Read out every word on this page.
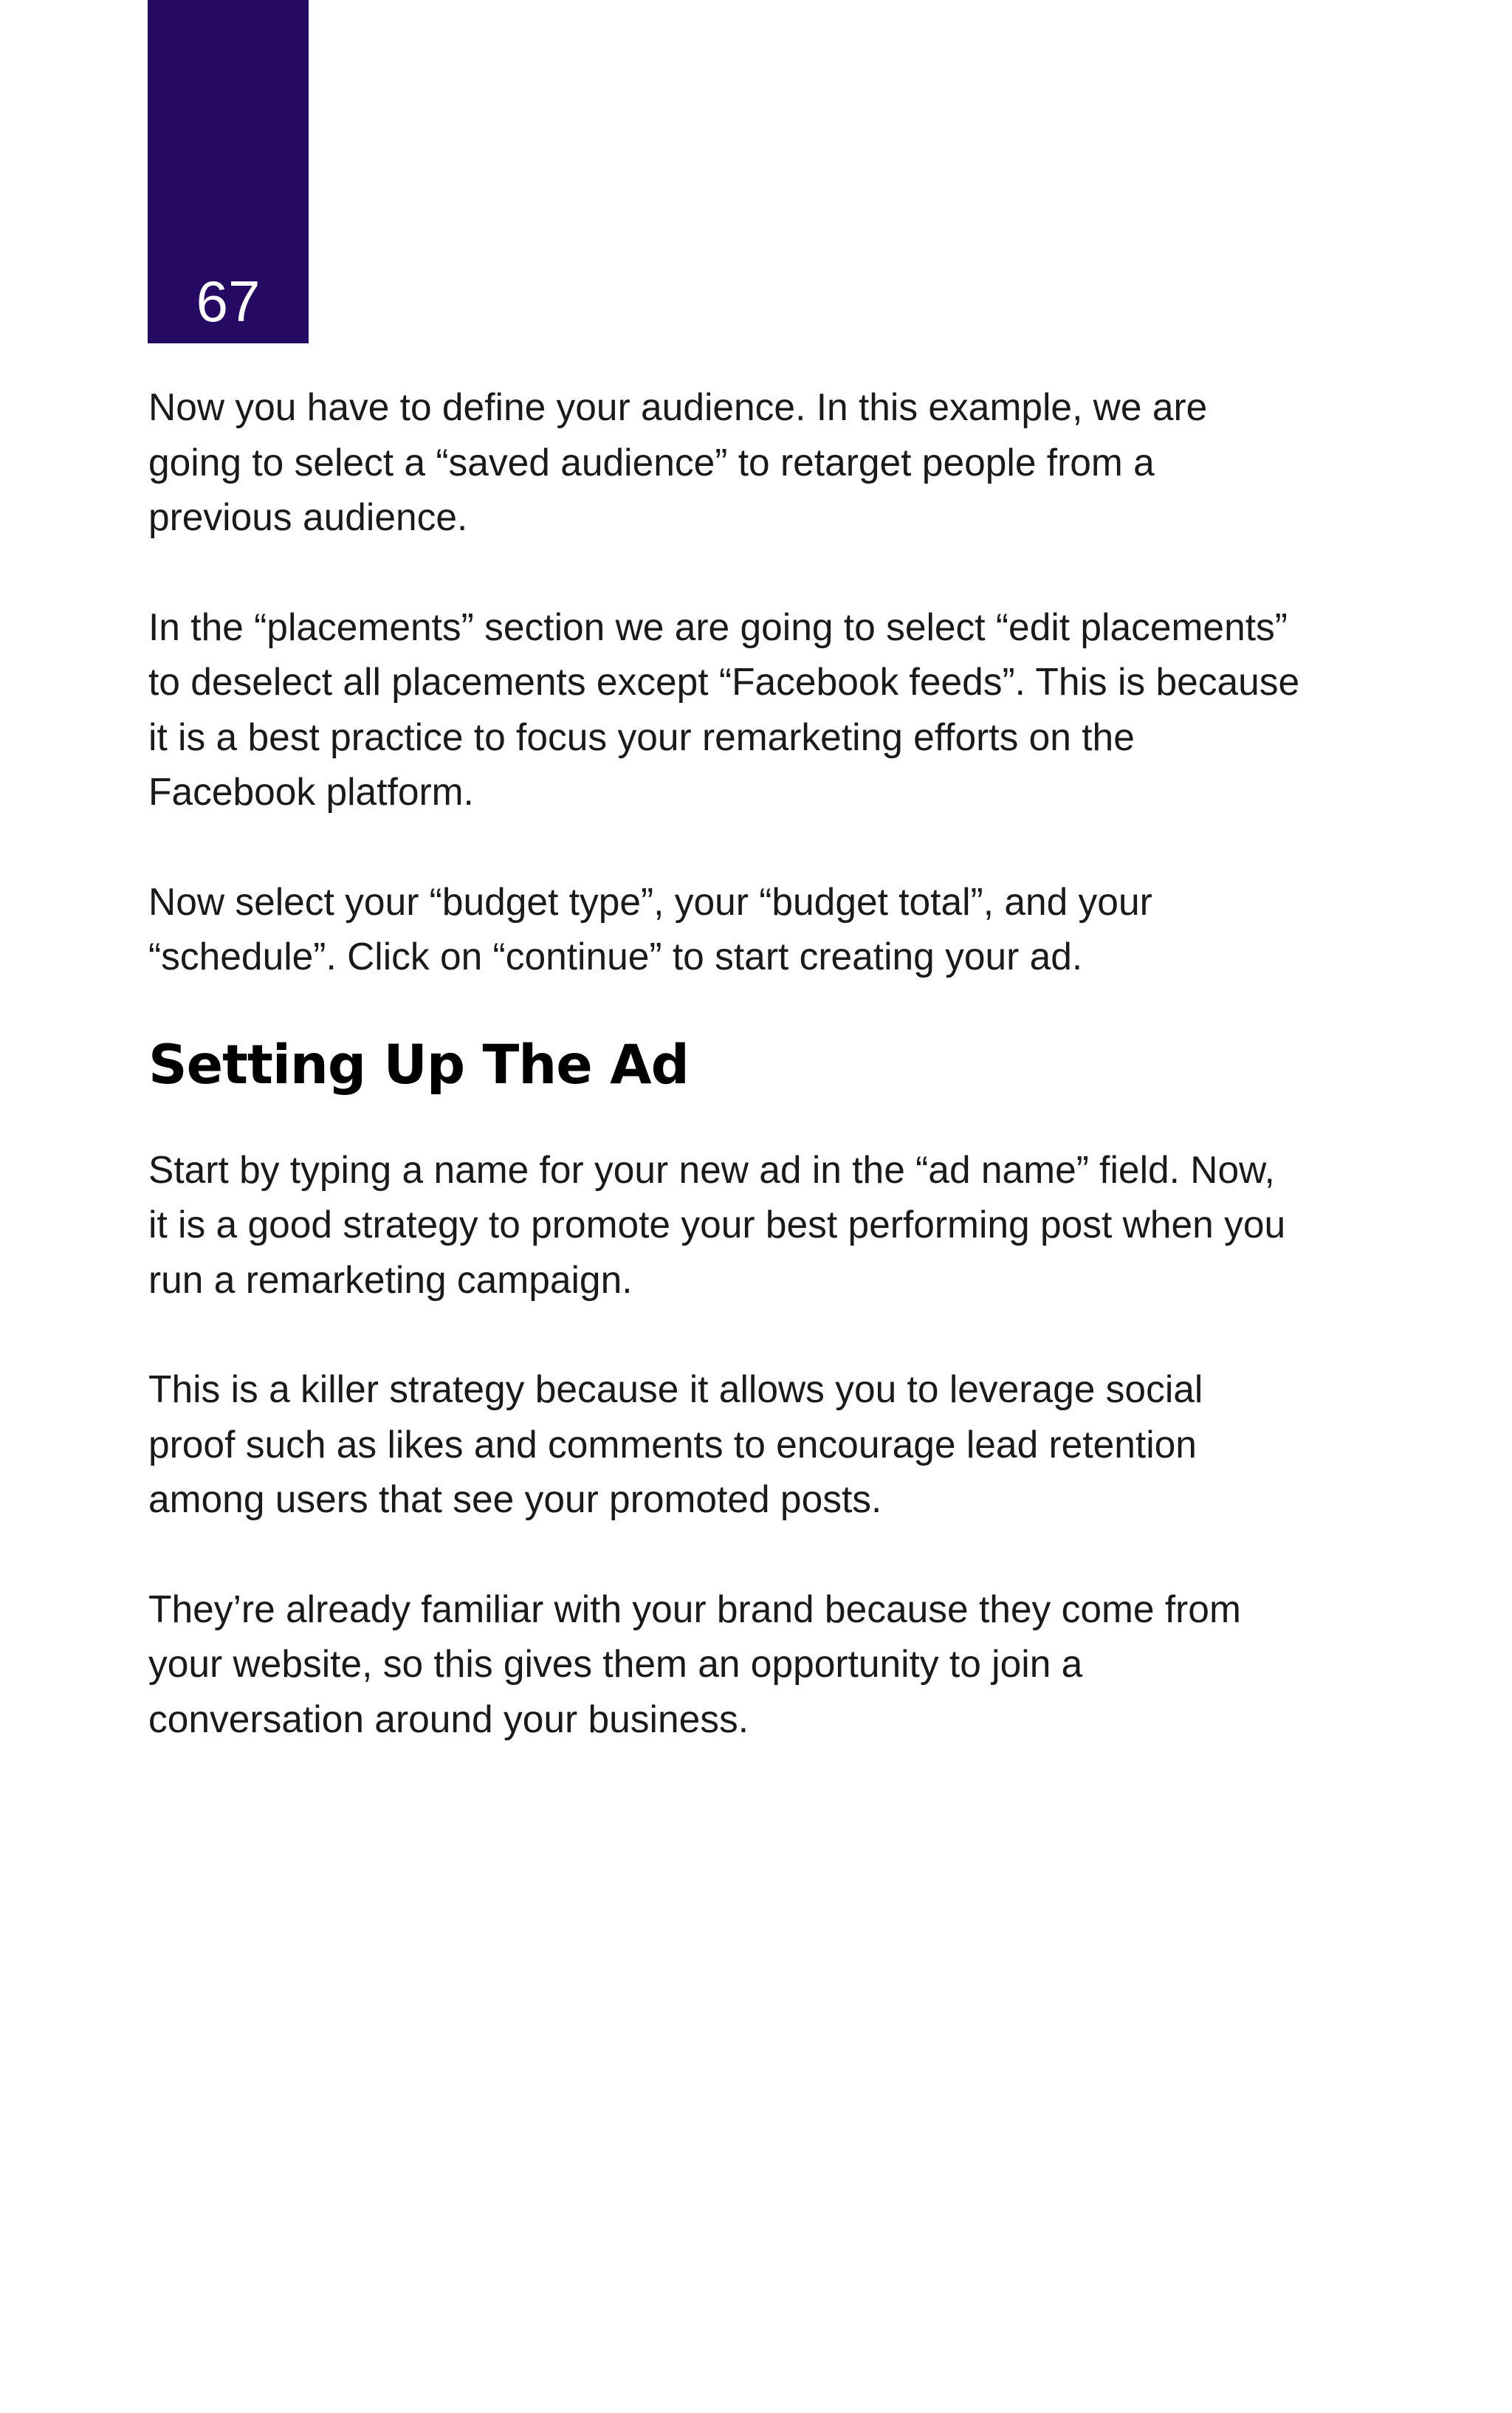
67

Now you have to define your audience. In this example, we are going to select a “saved audience” to retarget people from a previous audience.

In the “placements” section we are going to select “edit placements” to deselect all placements except “Facebook feeds”. This is because it is a best practice to focus your remarketing efforts on the Facebook platform.

Now select your “budget type”, your “budget total”, and your “schedule”. Click on “continue” to start creating your ad.

Setting Up The Ad

Start by typing a name for your new ad in the “ad name” field. Now, it is a good strategy to promote your best performing post when you run a remarketing campaign.

This is a killer strategy because it allows you to leverage social proof such as likes and comments to encourage lead retention among users that see your promoted posts.

They’re already familiar with your brand because they come from your website, so this gives them an opportunity to join a conversation around your business.
